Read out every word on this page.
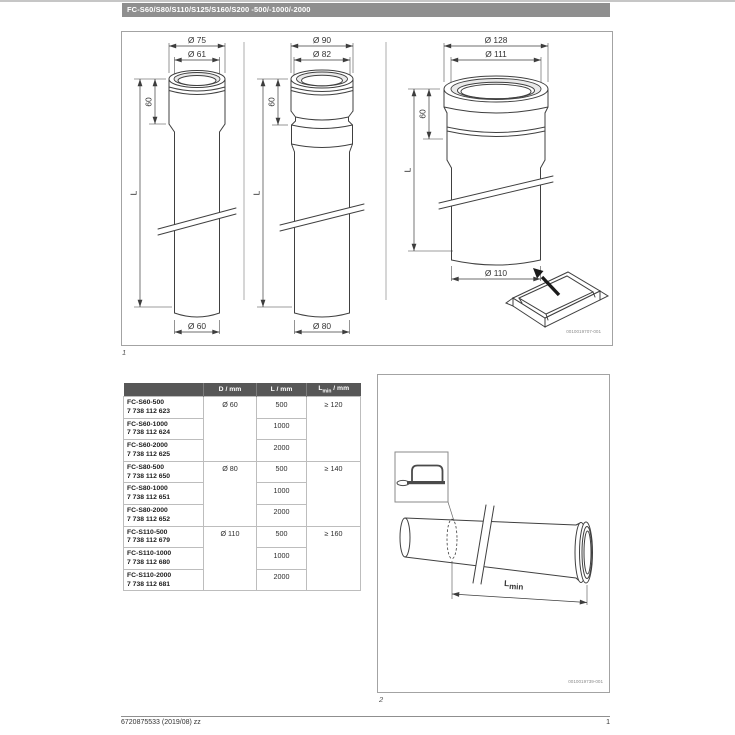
FC-S60/S80/S110/S125/S160/S200 -500/-1000/-2000
Ø 75
Ø 61
60
L
Ø 60
Ø 90
Ø 82
60
L
Ø 80
Ø 128
Ø 111
60
L
Ø 110
0010019707-001
1
	D / mm	L / mm	$L_{min}$ / mm

FC-S60-500
7 738 112 623	Ø 60	500	≥ 120

FC-S60-1000
7 738 112 624		1000	

FC-S60-2000
7 738 112 625		2000	

FC-S80-500
7 738 112 650	Ø 80	500	≥ 140

FC-S80-1000
7 738 112 651		1000	

FC-S80-2000
7 738 112 652		2000	

FC-S110-500
7 738 112 679	Ø 110	500	≥ 160

FC-S110-1000
7 738 112 680		1000	

FC-S110-2000
7 738 112 681		2000	
Lmin
0010019739-001
2
6720875533 (2019/08) zz	1
